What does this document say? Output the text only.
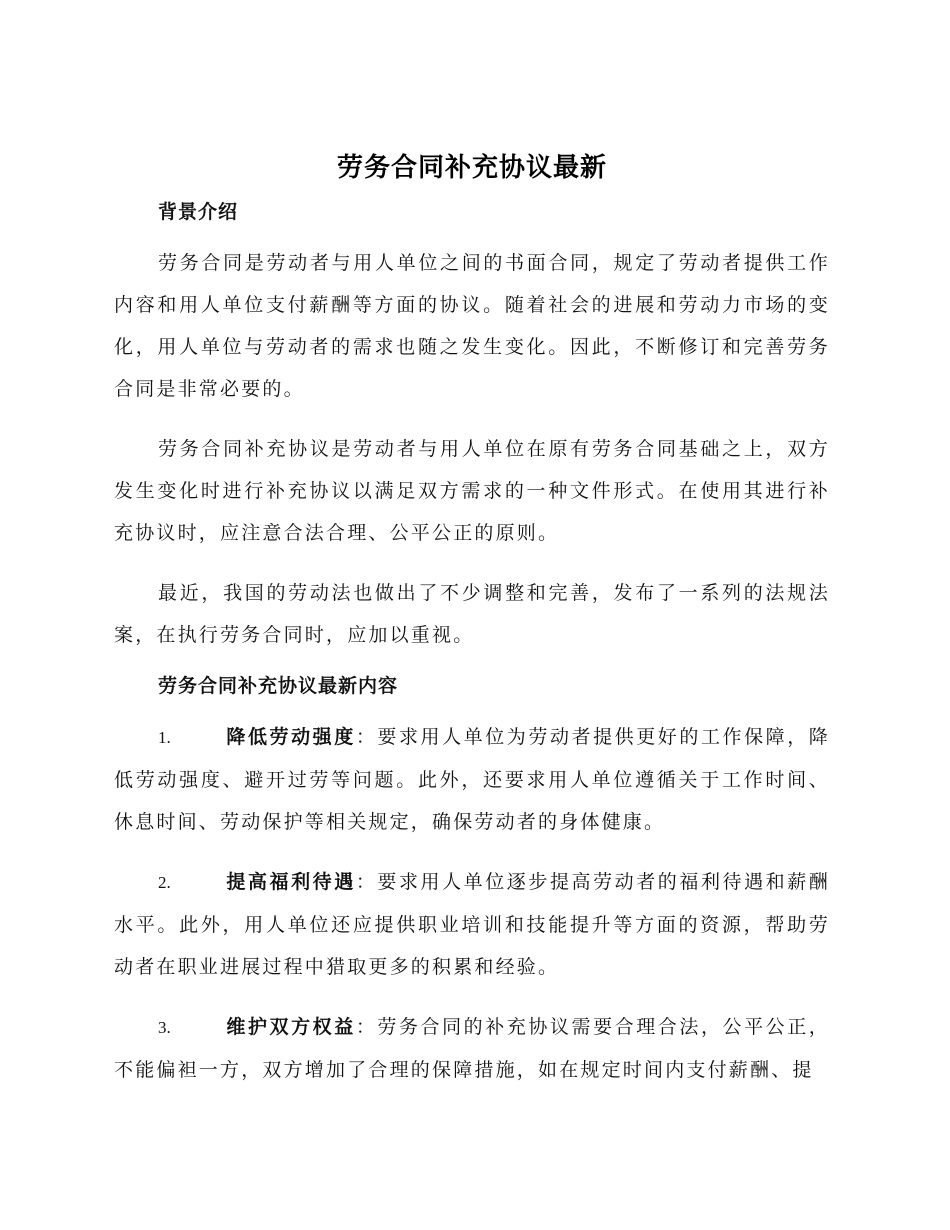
劳务合同补充协议最新
背景介绍

劳务合同是劳动者与用人单位之间的书面合同，规定了劳动者提供工作内容和用人单位支付薪酬等方面的协议。随着社会的进展和劳动力市场的变化，用人单位与劳动者的需求也随之发生变化。因此，不断修订和完善劳务合同是非常必要的。

劳务合同补充协议是劳动者与用人单位在原有劳务合同基础之上，双方发生变化时进行补充协议以满足双方需求的一种文件形式。在使用其进行补充协议时，应注意合法合理、公平公正的原则。

最近，我国的劳动法也做出了不少调整和完善，发布了一系列的法规法案，在执行劳务合同时，应加以重视。

劳务合同补充协议最新内容

1.	降低劳动强度：要求用人单位为劳动者提供更好的工作保障，降低劳动强度、避开过劳等问题。此外，还要求用人单位遵循关于工作时间、休息时间、劳动保护等相关规定，确保劳动者的身体健康。

2.	提高福利待遇：要求用人单位逐步提高劳动者的福利待遇和薪酬水平。此外，用人单位还应提供职业培训和技能提升等方面的资源，帮助劳动者在职业进展过程中猎取更多的积累和经验。

3.	维护双方权益：劳务合同的补充协议需要合理合法，公平公正，不能偏袒一方，双方增加了合理的保障措施，如在规定时间内支付薪酬、提
